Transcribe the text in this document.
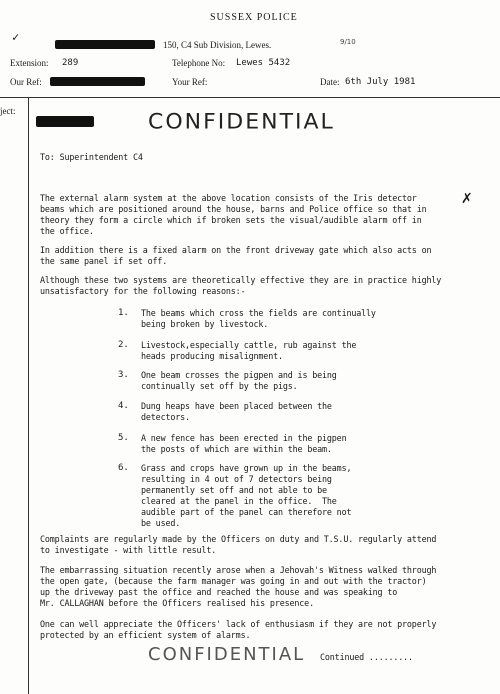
SUSSEX POLICE
✓
150, C4 Sub Division, Lewes.	9/10
Extension: 289	Telephone No: Lewes 5432
Our Ref:	Your Ref:	Date: 6th July 1981
ject:	CONFIDENTIAL
To: Superintendent C4
The external alarm system at the above location consists of the Iris detector
beams which are positioned around the house, barns and Police office so that in
theory they form a circle which if broken sets the visual/audible alarm off in
the office.
✗
In addition there is a fixed alarm on the front driveway gate which also acts on
the same panel if set off.
Although these two systems are theoretically effective they are in practice highly
unsatisfactory for the following reasons:-
1. The beams which cross the fields are continually
being broken by livestock.
2. Livestock,especially cattle, rub against the
heads producing misalignment.
3. One beam crosses the pigpen and is being
continually set off by the pigs.
4. Dung heaps have been placed between the
detectors.
5. A new fence has been erected in the pigpen
the posts of which are within the beam.
6. Grass and crops have grown up in the beams,
resulting in 4 out of 7 detectors being
permanently set off and not able to be
cleared at the panel in the office.  The
audible part of the panel can therefore not
be used.
Complaints are regularly made by the Officers on duty and T.S.U. regularly attend
to investigate - with little result.
The embarrassing situation recently arose when a Jehovah's Witness walked through
the open gate, (because the farm manager was going in and out with the tractor)
up the driveway past the office and reached the house and was speaking to
Mr. CALLAGHAN before the Officers realised his presence.
One can well appreciate the Officers' lack of enthusiasm if they are not properly
protected by an efficient system of alarms.
CONFIDENTIAL Continued .........
